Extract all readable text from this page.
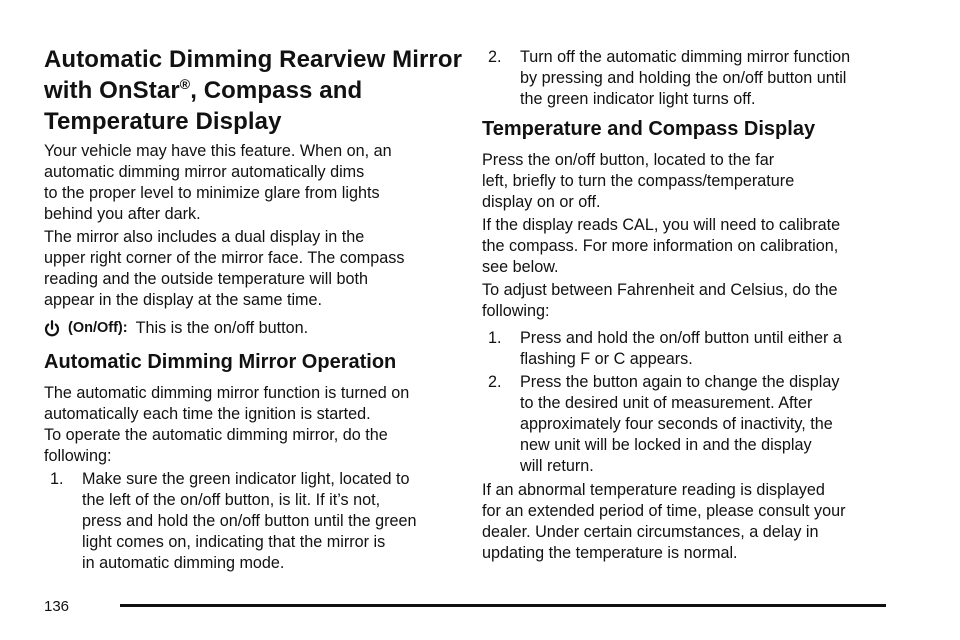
Automatic Dimming Rearview Mirror
with OnStar®, Compass and
Temperature Display

Your vehicle may have this feature. When on, an
automatic dimming mirror automatically dims
to the proper level to minimize glare from lights
behind you after dark.

The mirror also includes a dual display in the
upper right corner of the mirror face. The compass
reading and the outside temperature will both
appear in the display at the same time.

(On/Off): This is the on/off button.
Automatic Dimming Mirror Operation

The automatic dimming mirror function is turned on
automatically each time the ignition is started.
To operate the automatic dimming mirror, do the
following:

1. Make sure the green indicator light, located to
the left of the on/off button, is lit. If it’s not,
press and hold the on/off button until the green
light comes on, indicating that the mirror is
in automatic dimming mode.
2. Turn off the automatic dimming mirror function
by pressing and holding the on/off button until
the green indicator light turns off.
Temperature and Compass Display

Press the on/off button, located to the far
left, briefly to turn the compass/temperature
display on or off.

If the display reads CAL, you will need to calibrate
the compass. For more information on calibration,
see below.

To adjust between Fahrenheit and Celsius, do the
following:

1. Press and hold the on/off button until either a
flashing F or C appears.
2. Press the button again to change the display
to the desired unit of measurement. After
approximately four seconds of inactivity, the
new unit will be locked in and the display
will return.

If an abnormal temperature reading is displayed
for an extended period of time, please consult your
dealer. Under certain circumstances, a delay in
updating the temperature is normal.

136
